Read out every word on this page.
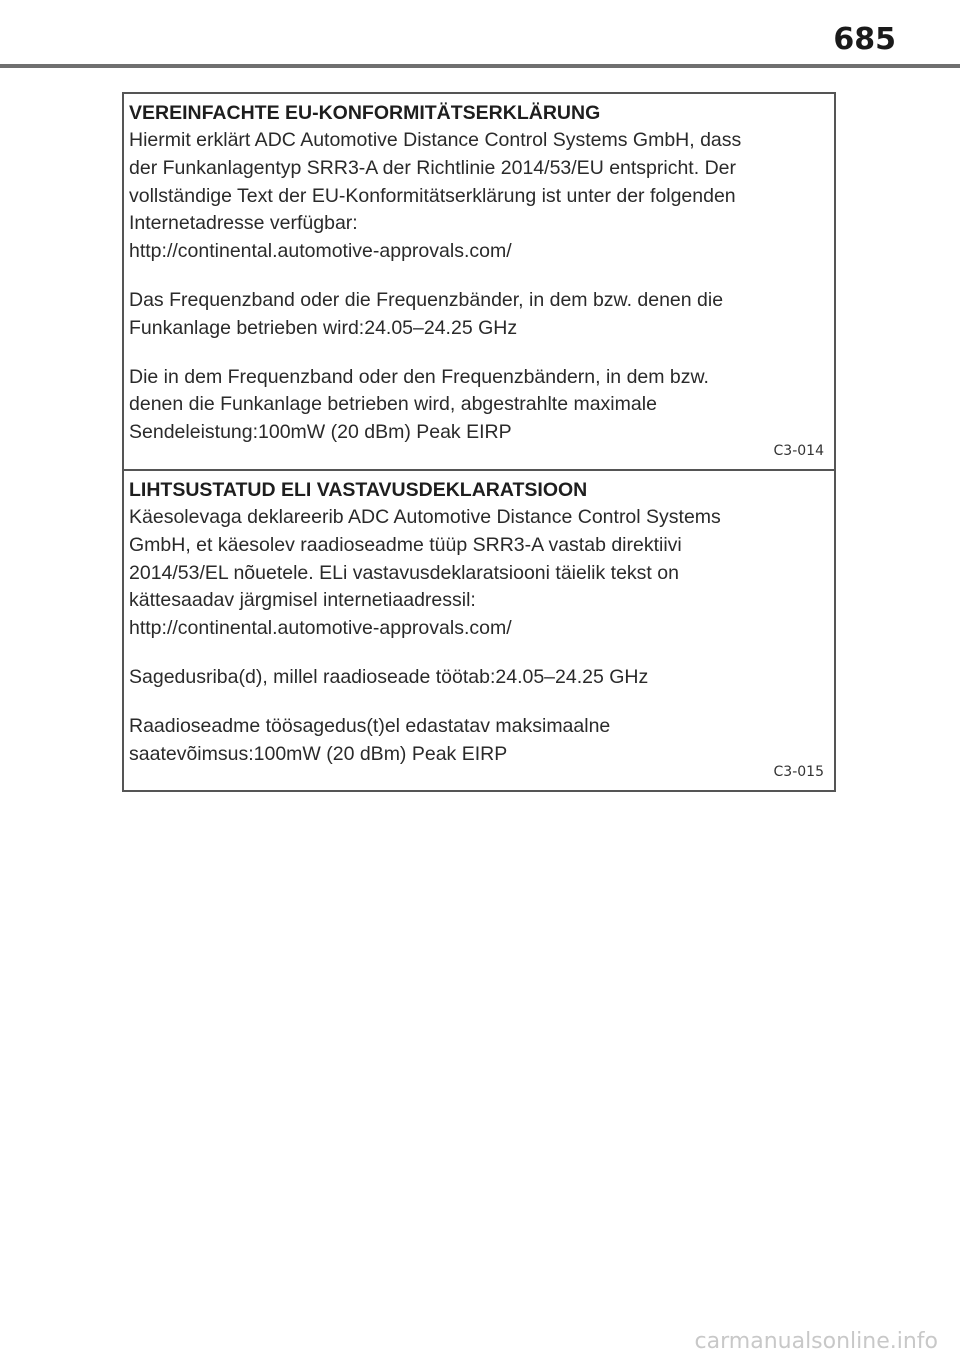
685
VEREINFACHTE EU-KONFORMITÄTSERKLÄRUNG

Hiermit erklärt ADC Automotive Distance Control Systems GmbH, dass
der Funkanlagentyp SRR3-A der Richtlinie 2014/53/EU entspricht. Der
vollständige Text der EU-Konformitätserklärung ist unter der folgenden
Internetadresse verfügbar:
http://continental.automotive-approvals.com/

Das Frequenzband oder die Frequenzbänder, in dem bzw. denen die
Funkanlage betrieben wird:24.05–24.25 GHz

Die in dem Frequenzband oder den Frequenzbändern, in dem bzw.
denen die Funkanlage betrieben wird, abgestrahlte maximale
Sendeleistung:100mW (20 dBm) Peak EIRP

C3-014
LIHTSUSTATUD ELI VASTAVUSDEKLARATSIOON

Käesolevaga deklareerib ADC Automotive Distance Control Systems
GmbH, et käesolev raadioseadme tüüp SRR3-A vastab direktiivi
2014/53/EL nõuetele. ELi vastavusdeklaratsiooni täielik tekst on
kättesaadav järgmisel internetiaadressil:
http://continental.automotive-approvals.com/

Sagedusriba(d), millel raadioseade töötab:24.05–24.25 GHz

Raadioseadme töösagedus(t)el edastatav maksimaalne
saatevõimsus:100mW (20 dBm) Peak EIRP

C3-015
carmanualsonline.info
